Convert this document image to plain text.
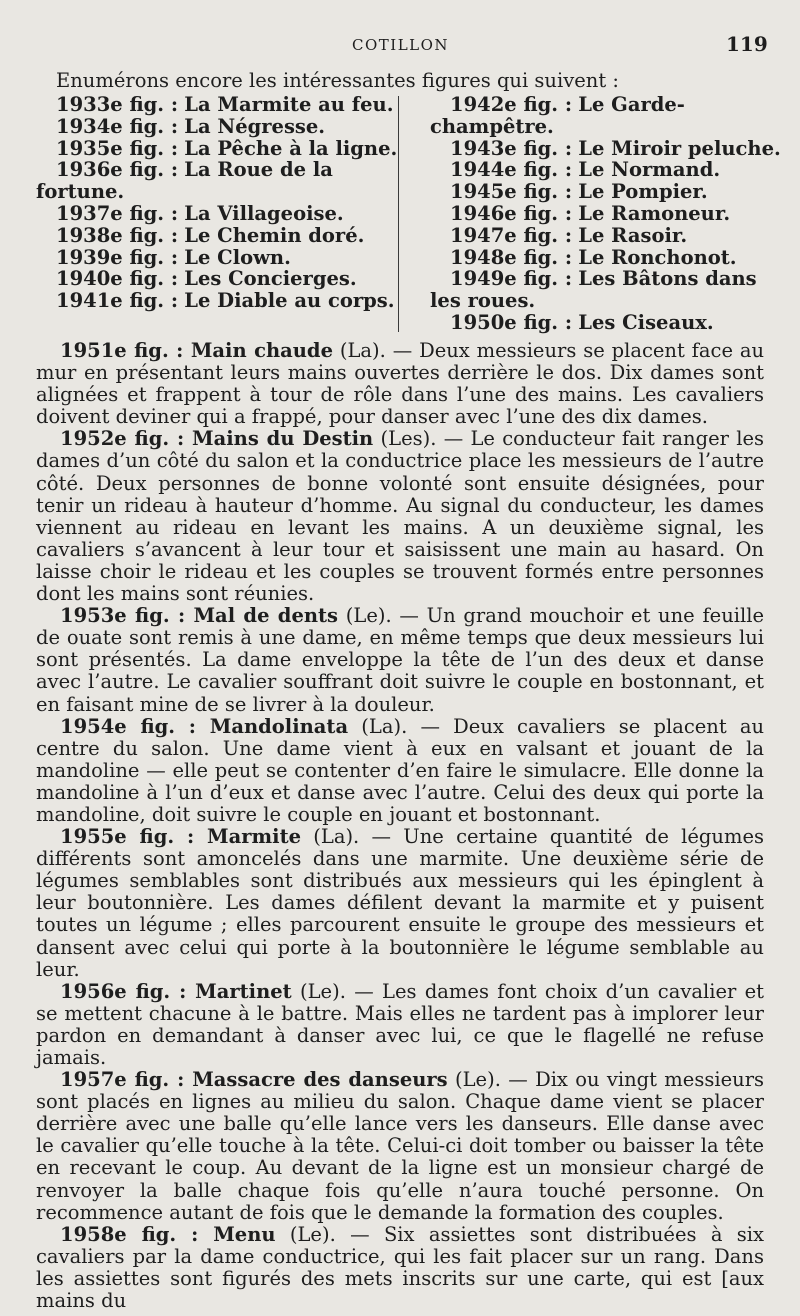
COTILLON	119
Enumérons encore les intéressantes figures qui suivent :
1933e fig. : La Marmite au feu.
1934e fig. : La Négresse.
1935e fig. : La Pêche à la ligne.
1936e fig. : La Roue de la fortune.
1937e fig. : La Villageoise.
1938e fig. : Le Chemin doré.
1939e fig. : Le Clown.
1940e fig. : Les Concierges.
1941e fig. : Le Diable au corps.
1942e fig. : Le Garde-champêtre.
1943e fig. : Le Miroir peluche.
1944e fig. : Le Normand.
1945e fig. : Le Pompier.
1946e fig. : Le Ramoneur.
1947e fig. : Le Rasoir.
1948e fig. : Le Ronchonot.
1949e fig. : Les Bâtons dans les roues.
1950e fig. : Les Ciseaux.

1951e fig. : Main chaude (La). — Deux messieurs se placent face au mur en présentant leurs mains ouvertes derrière le dos. Dix dames sont alignées et frappent à tour de rôle dans l’une des mains. Les cavaliers doivent deviner qui a frappé, pour danser avec l’une des dix dames.

1952e fig. : Mains du Destin (Les). — Le conducteur fait ranger les dames d’un côté du salon et la conductrice place les messieurs de l’autre côté. Deux personnes de bonne volonté sont ensuite désignées, pour tenir un rideau à hauteur d’homme. Au signal du conducteur, les dames viennent au rideau en levant les mains. A un deuxième signal, les cavaliers s’avancent à leur tour et saisissent une main au hasard. On laisse choir le rideau et les couples se trouvent formés entre personnes dont les mains sont réunies.

1953e fig. : Mal de dents (Le). — Un grand mouchoir et une feuille de ouate sont remis à une dame, en même temps que deux messieurs lui sont présentés. La dame enveloppe la tête de l’un des deux et danse avec l’autre. Le cavalier souffrant doit suivre le couple en bostonnant, et en faisant mine de se livrer à la douleur.

1954e fig. : Mandolinata (La). — Deux cavaliers se placent au centre du salon. Une dame vient à eux en valsant et jouant de la mandoline — elle peut se contenter d’en faire le simulacre. Elle donne la mandoline à l’un d’eux et danse avec l’autre. Celui des deux qui porte la mandoline, doit suivre le couple en jouant et bostonnant.

1955e fig. : Marmite (La). — Une certaine quantité de légumes différents sont amoncelés dans une marmite. Une deuxième série de légumes semblables sont distribués aux messieurs qui les épinglent à leur boutonnière. Les dames défilent devant la marmite et y puisent toutes un légume ; elles parcourent ensuite le groupe des messieurs et dansent avec celui qui porte à la boutonnière le légume semblable au leur.

1956e fig. : Martinet (Le). — Les dames font choix d’un cavalier et se mettent chacune à le battre. Mais elles ne tardent pas à implorer leur pardon en demandant à danser avec lui, ce que le flagellé ne refuse jamais.

1957e fig. : Massacre des danseurs (Le). — Dix ou vingt messieurs sont placés en lignes au milieu du salon. Chaque dame vient se placer derrière avec une balle qu’elle lance vers les danseurs. Elle danse avec le cavalier qu’elle touche à la tête. Celui-ci doit tomber ou baisser la tête en recevant le coup. Au devant de la ligne est un monsieur chargé de renvoyer la balle chaque fois qu’elle n’aura touché personne. On recommence autant de fois que le demande la formation des couples.

1958e fig. : Menu (Le). — Six assiettes sont distribuées à six cavaliers par la dame conductrice, qui les fait placer sur un rang. Dans les assiettes sont figurés des mets inscrits sur une carte, qui est [aux mains du
